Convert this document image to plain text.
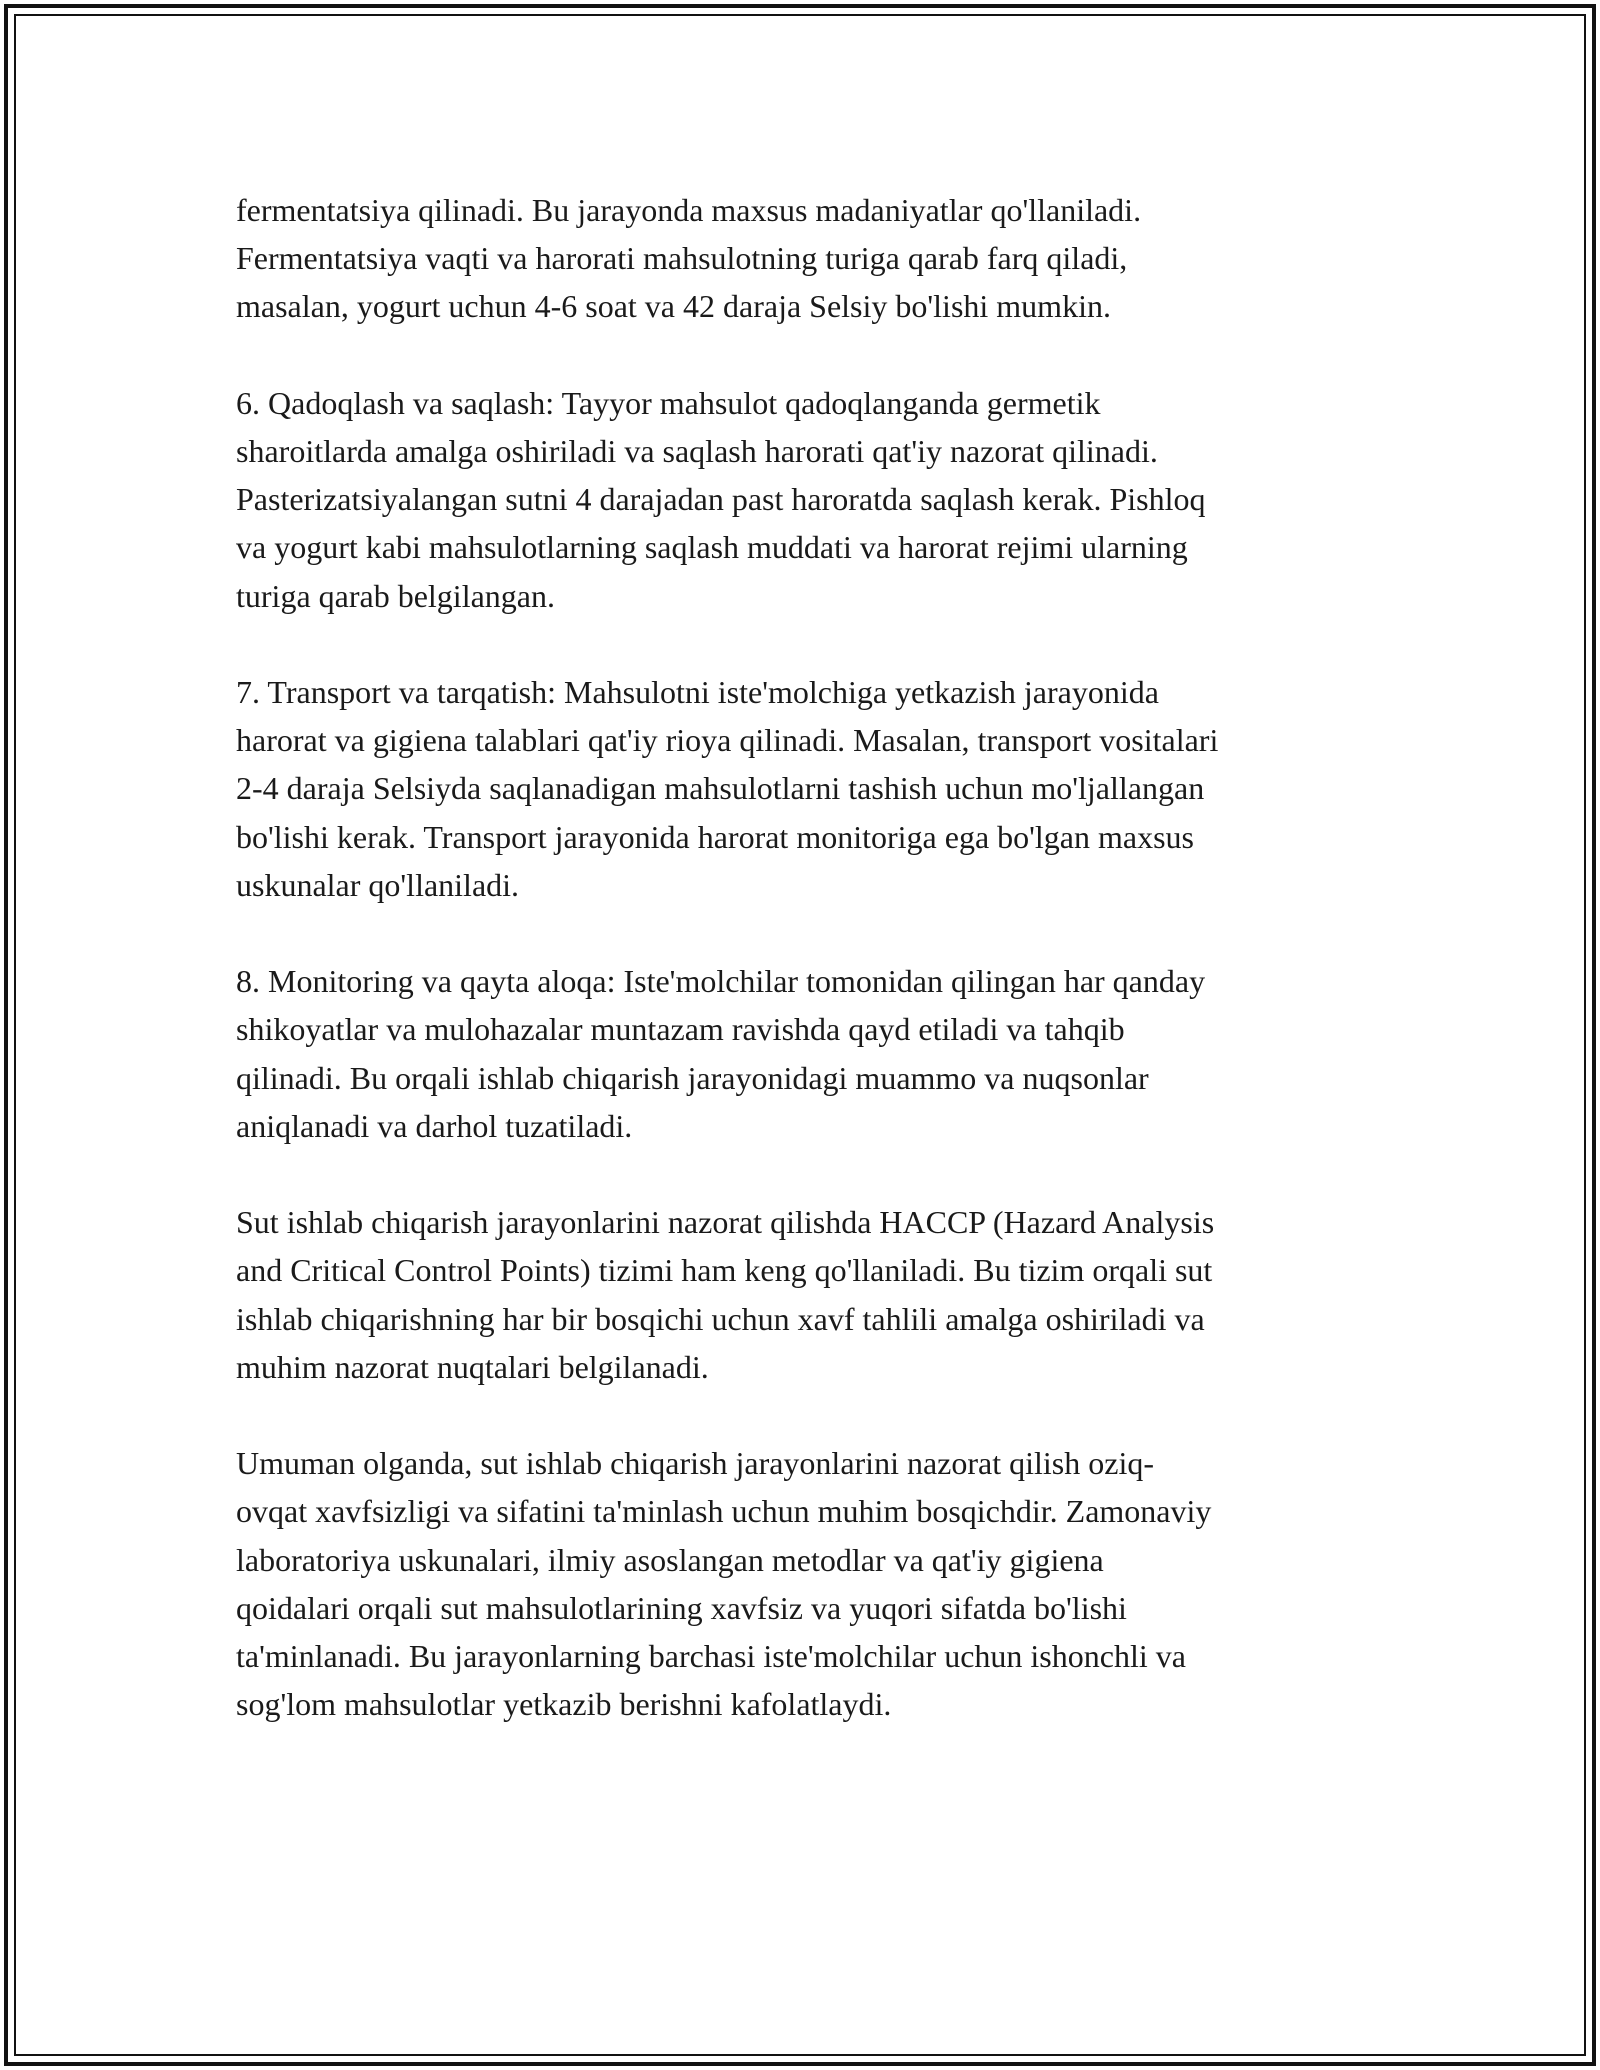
fermentatsiya qilinadi. Bu jarayonda maxsus madaniyatlar qo'llaniladi.
Fermentatsiya vaqti va harorati mahsulotning turiga qarab farq qiladi,
masalan, yogurt uchun 4-6 soat va 42 daraja Selsiy bo'lishi mumkin.

6. Qadoqlash va saqlash: Tayyor mahsulot qadoqlanganda germetik
sharoitlarda amalga oshiriladi va saqlash harorati qat'iy nazorat qilinadi.
Pasterizatsiyalangan sutni 4 darajadan past haroratda saqlash kerak. Pishloq
va yogurt kabi mahsulotlarning saqlash muddati va harorat rejimi ularning
turiga qarab belgilangan.

7. Transport va tarqatish: Mahsulotni iste'molchiga yetkazish jarayonida
harorat va gigiena talablari qat'iy rioya qilinadi. Masalan, transport vositalari
2-4 daraja Selsiyda saqlanadigan mahsulotlarni tashish uchun mo'ljallangan
bo'lishi kerak. Transport jarayonida harorat monitoriga ega bo'lgan maxsus
uskunalar qo'llaniladi.

8. Monitoring va qayta aloqa: Iste'molchilar tomonidan qilingan har qanday
shikoyatlar va mulohazalar muntazam ravishda qayd etiladi va tahqib
qilinadi. Bu orqali ishlab chiqarish jarayonidagi muammo va nuqsonlar
aniqlanadi va darhol tuzatiladi.

Sut ishlab chiqarish jarayonlarini nazorat qilishda HACCP (Hazard Analysis
and Critical Control Points) tizimi ham keng qo'llaniladi. Bu tizim orqali sut
ishlab chiqarishning har bir bosqichi uchun xavf tahlili amalga oshiriladi va
muhim nazorat nuqtalari belgilanadi.

Umuman olganda, sut ishlab chiqarish jarayonlarini nazorat qilish oziq-
ovqat xavfsizligi va sifatini ta'minlash uchun muhim bosqichdir. Zamonaviy
laboratoriya uskunalari, ilmiy asoslangan metodlar va qat'iy gigiena
qoidalari orqali sut mahsulotlarining xavfsiz va yuqori sifatda bo'lishi
ta'minlanadi. Bu jarayonlarning barchasi iste'molchilar uchun ishonchli va
sog'lom mahsulotlar yetkazib berishni kafolatlaydi.
